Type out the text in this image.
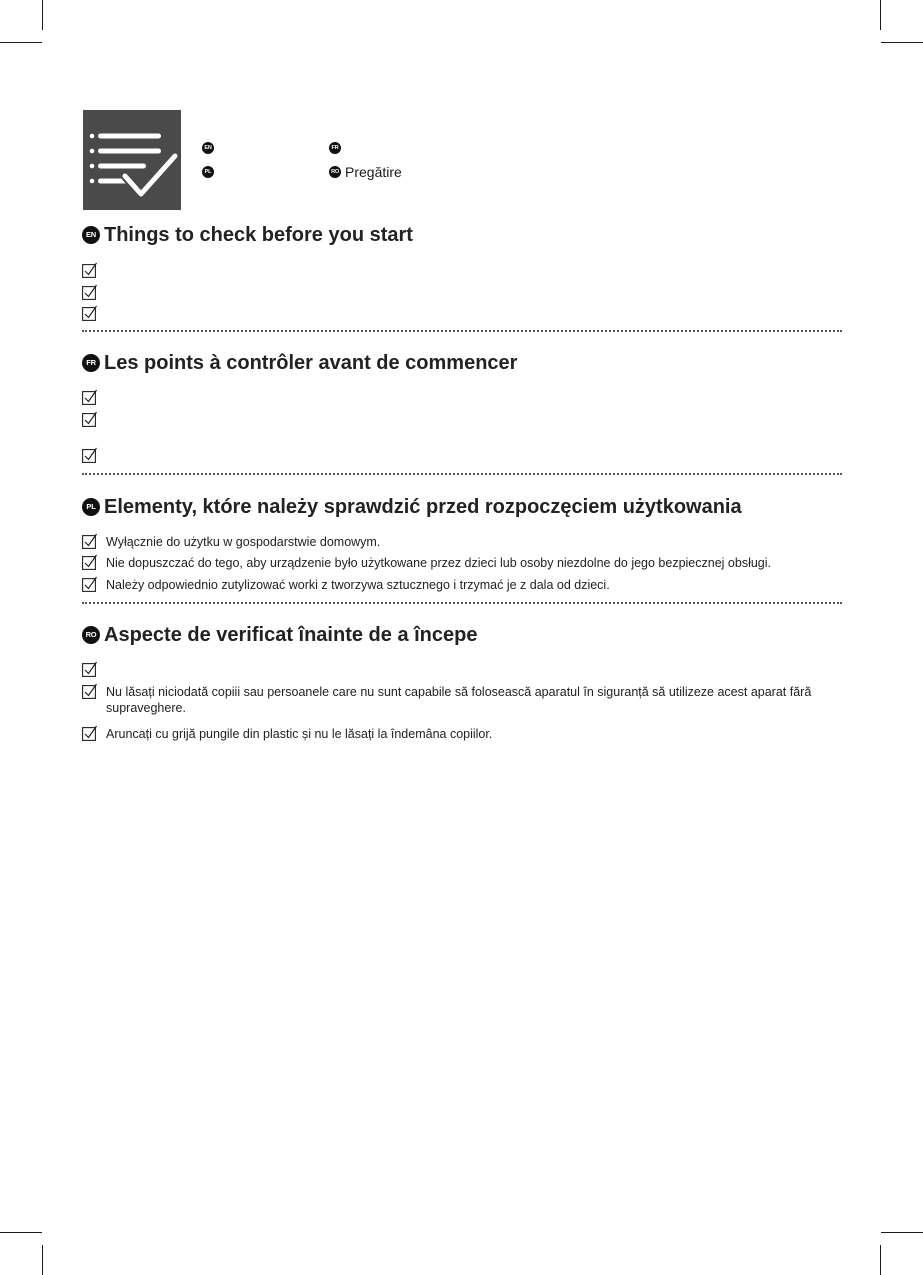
EN	FR
PL	RO Pregătire
EN Things to check before you start
FR Les points à contrôler avant de commencer
PL Elementy, które należy sprawdzić przed rozpoczęciem użytkowania
Wyłącznie do użytku w gospodarstwie domowym.
Nie dopuszczać do tego, aby urządzenie było użytkowane przez dzieci lub osoby niezdolne do jego bezpiecznej obsługi.
Należy odpowiednio zutylizować worki z tworzywa sztucznego i trzymać je z dala od dzieci.
RO Aspecte de verificat înainte de a începe
Nu lăsați niciodată copiii sau persoanele care nu sunt capabile să folosească aparatul în siguranță să utilizeze acest aparat fără supraveghere.
Aruncați cu grijă pungile din plastic și nu le lăsați la îndemâna copiilor.
